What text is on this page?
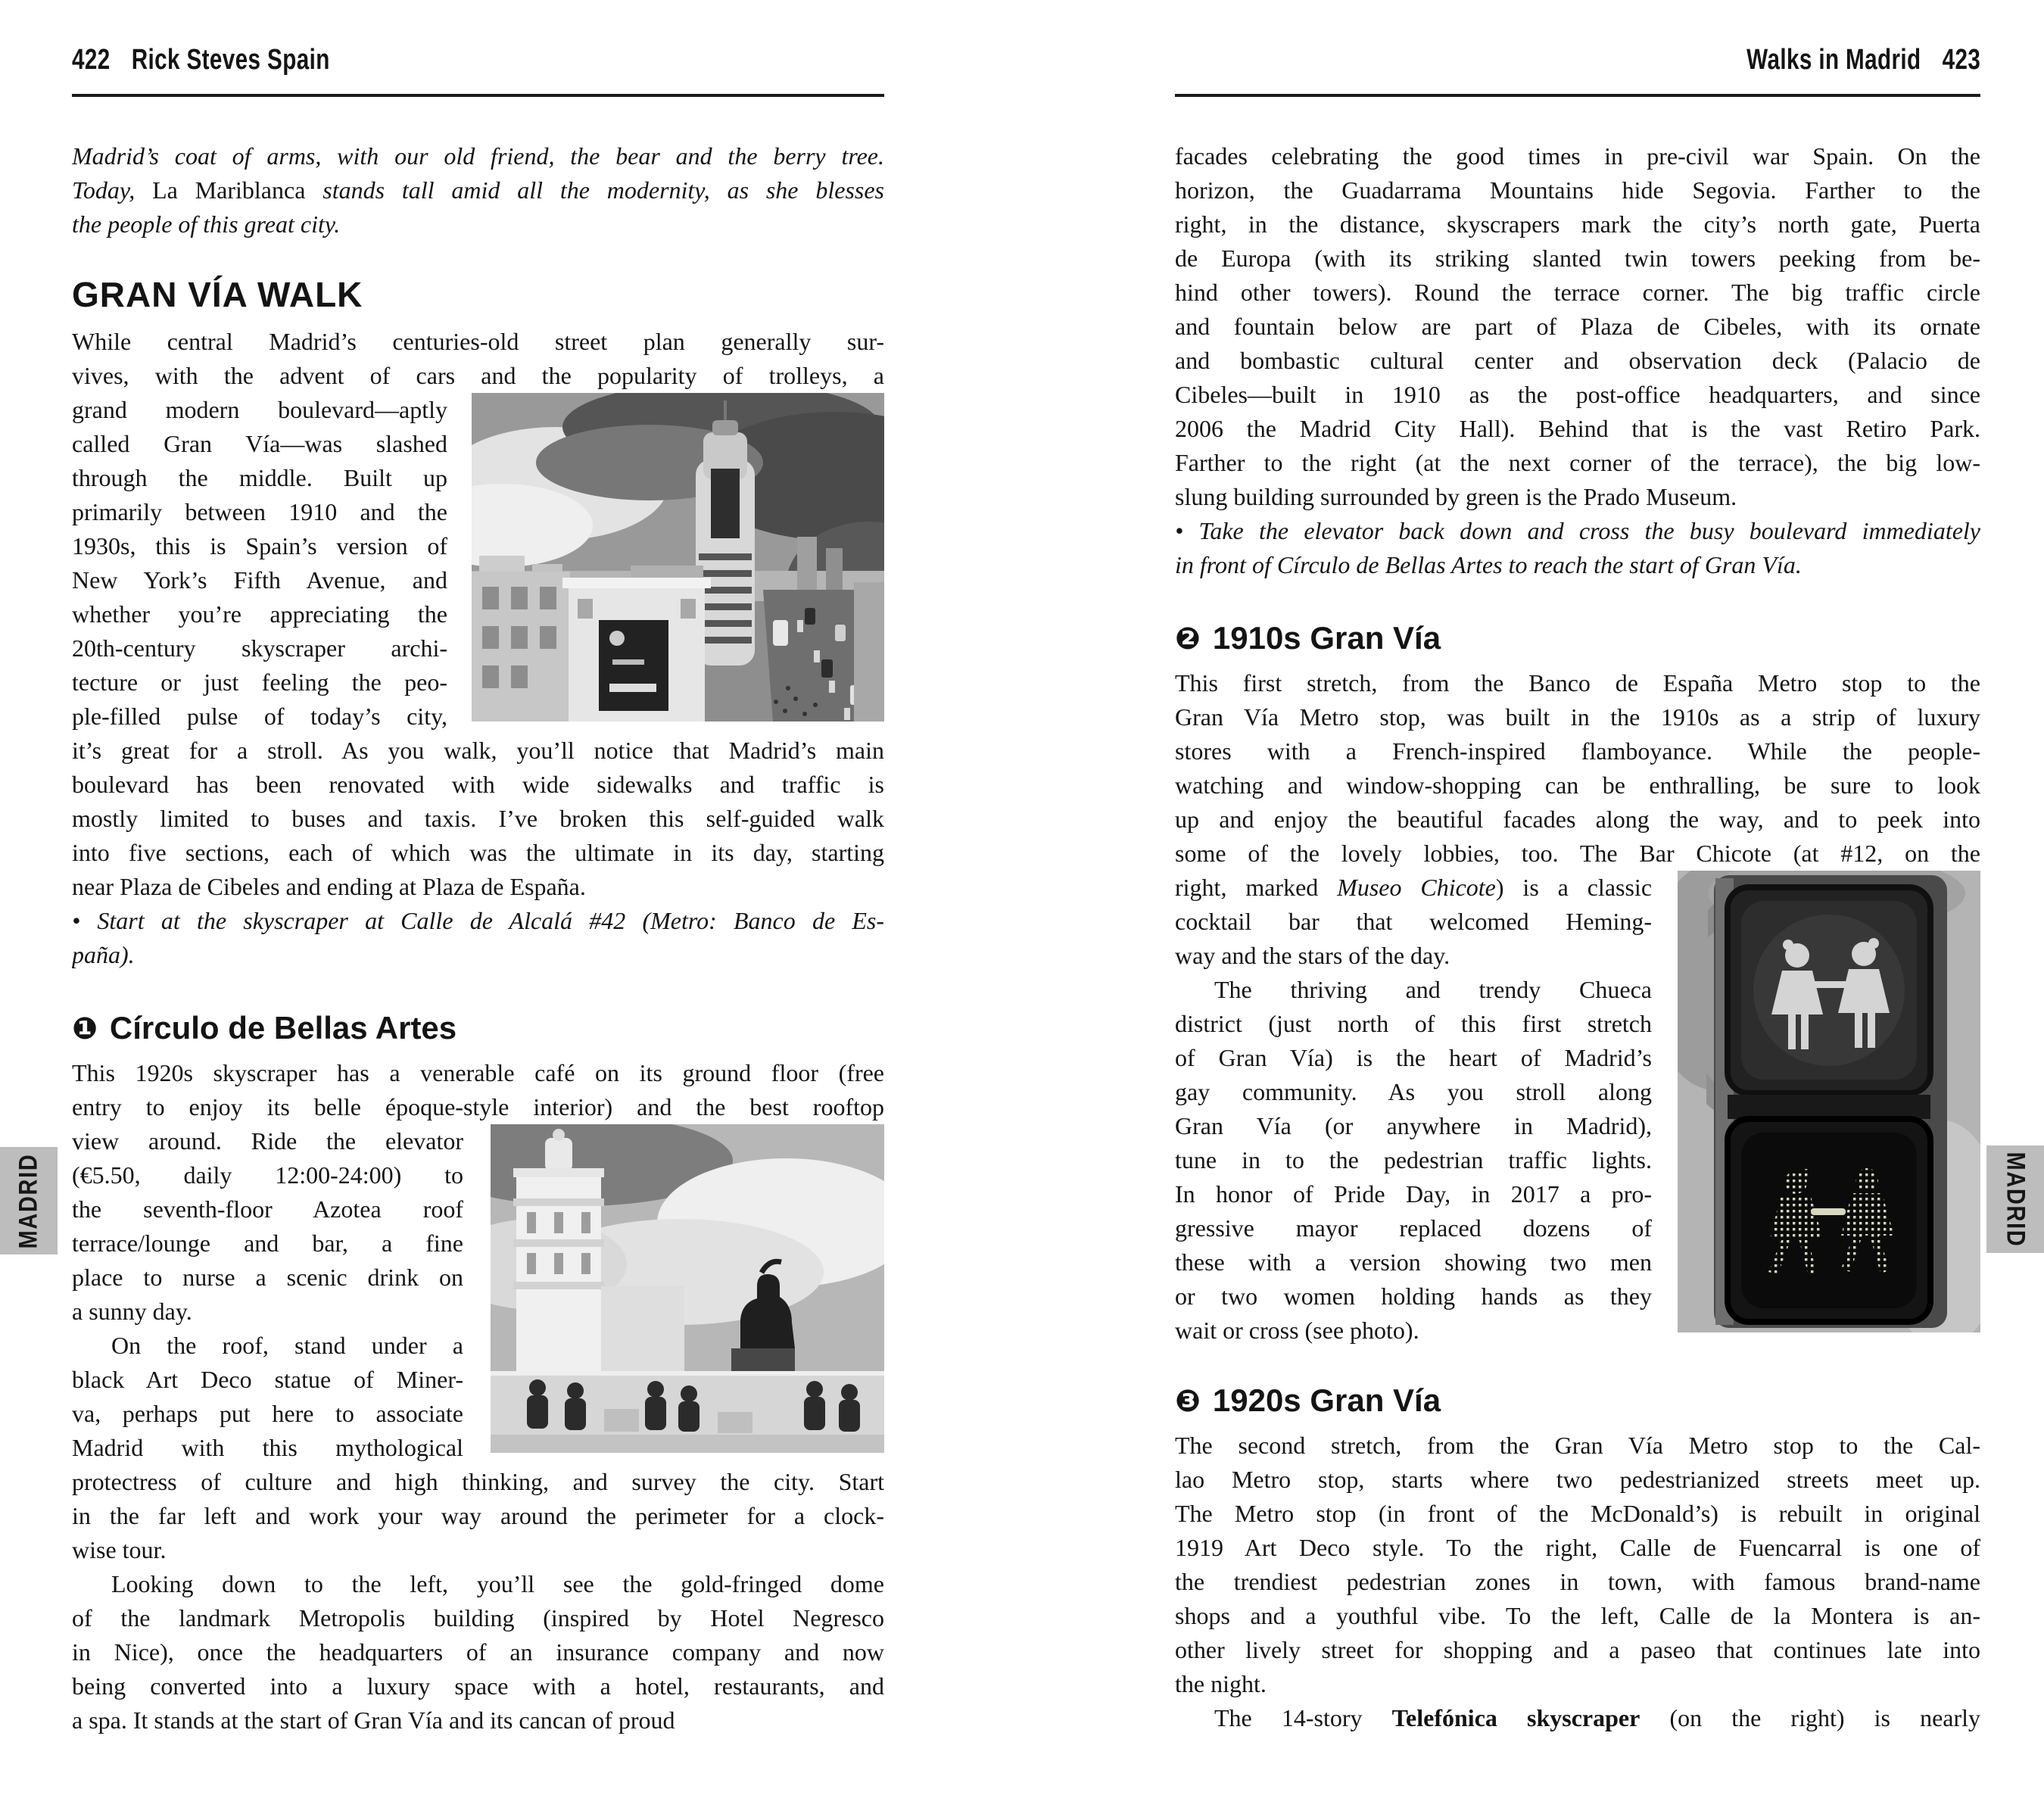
MADRID	MADRID
422 Rick Steves Spain
Madrid’s coat of arms, with our old friend, the bear and the berry tree.
Today, La Mariblanca stands tall amid all the modernity, as she blesses
the people of this great city.
GRAN VÍA WALK
While central Madrid’s centuries-old street plan generally sur-
vives, with the advent of cars and the popularity of trolleys, a
grand modern boulevard—aptly
called Gran Vía—was slashed
through the middle. Built up
primarily between 1910 and the
1930s, this is Spain’s version of
New York’s Fifth Avenue, and
whether you’re appreciating the
20th-century skyscraper archi-
tecture or just feeling the peo-
ple-filled pulse of today’s city,
it’s great for a stroll. As you walk, you’ll notice that Madrid’s main
boulevard has been renovated with wide sidewalks and traffic is
mostly limited to buses and taxis. I’ve broken this self-guided walk
into five sections, each of which was the ultimate in its day, starting
near Plaza de Cibeles and ending at Plaza de España.
• Start at the skyscraper at Calle de Alcalá #42 (Metro: Banco de Es-
paña).
❶ Círculo de Bellas Artes
This 1920s skyscraper has a venerable café on its ground floor (free
entry to enjoy its belle époque-style interior) and the best rooftop
view around. Ride the elevator
(€5.50, daily 12:00-24:00) to
the seventh-floor Azotea roof
terrace/lounge and bar, a fine
place to nurse a scenic drink on
a sunny day.
On the roof, stand under a
black Art Deco statue of Miner-
va, perhaps put here to associate
Madrid with this mythological
protectress of culture and high thinking, and survey the city. Start
in the far left and work your way around the perimeter for a clock-
wise tour.
Looking down to the left, you’ll see the gold-fringed dome
of the landmark Metropolis building (inspired by Hotel Negresco
in Nice), once the headquarters of an insurance company and now
being converted into a luxury space with a hotel, restaurants, and
a spa. It stands at the start of Gran Vía and its cancan of proud
Walks in Madrid 423
facades celebrating the good times in pre-civil war Spain. On the
horizon, the Guadarrama Mountains hide Segovia. Farther to the
right, in the distance, skyscrapers mark the city’s north gate, Puerta
de Europa (with its striking slanted twin towers peeking from be-
hind other towers). Round the terrace corner. The big traffic circle
and fountain below are part of Plaza de Cibeles, with its ornate
and bombastic cultural center and observation deck (Palacio de
Cibeles—built in 1910 as the post-office headquarters, and since
2006 the Madrid City Hall). Behind that is the vast Retiro Park.
Farther to the right (at the next corner of the terrace), the big low-
slung building surrounded by green is the Prado Museum.
• Take the elevator back down and cross the busy boulevard immediately
in front of Círculo de Bellas Artes to reach the start of Gran Vía.
❷ 1910s Gran Vía
This first stretch, from the Banco de España Metro stop to the
Gran Vía Metro stop, was built in the 1910s as a strip of luxury
stores with a French-inspired flamboyance. While the people-
watching and window-shopping can be enthralling, be sure to look
up and enjoy the beautiful facades along the way, and to peek into
some of the lovely lobbies, too. The Bar Chicote (at #12, on the
right, marked Museo Chicote) is a classic
cocktail bar that welcomed Heming-
way and the stars of the day.
The thriving and trendy Chueca
district (just north of this first stretch
of Gran Vía) is the heart of Madrid’s
gay community. As you stroll along
Gran Vía (or anywhere in Madrid),
tune in to the pedestrian traffic lights.
In honor of Pride Day, in 2017 a pro-
gressive mayor replaced dozens of
these with a version showing two men
or two women holding hands as they
wait or cross (see photo).
❸ 1920s Gran Vía
The second stretch, from the Gran Vía Metro stop to the Cal-
lao Metro stop, starts where two pedestrianized streets meet up.
The Metro stop (in front of the McDonald’s) is rebuilt in original
1919 Art Deco style. To the right, Calle de Fuencarral is one of
the trendiest pedestrian zones in town, with famous brand-name
shops and a youthful vibe. To the left, Calle de la Montera is an-
other lively street for shopping and a paseo that continues late into
the night.
The 14-story Telefónica skyscraper (on the right) is nearly
